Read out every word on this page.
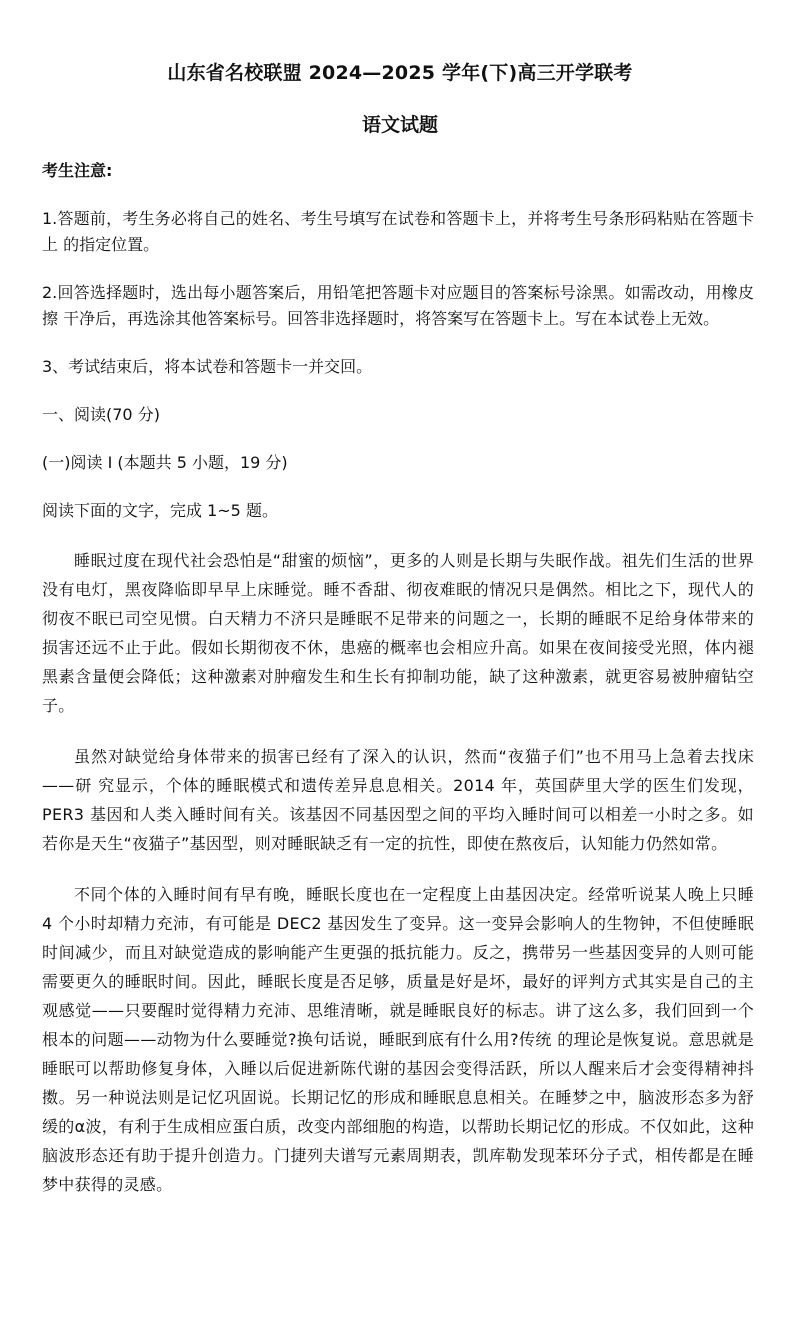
山东省名校联盟 2024—2025 学年(下)高三开学联考
语文试题

考生注意:

1.答题前，考生务必将自己的姓名、考生号填写在试卷和答题卡上，并将考生号条形码粘贴在答题卡上 的指定位置。

2.回答选择题时，选出每小题答案后，用铅笔把答题卡对应题目的答案标号涂黑。如需改动，用橡皮擦 干净后，再选涂其他答案标号。回答非选择题时，将答案写在答题卡上。写在本试卷上无效。

3、考试结束后，将本试卷和答题卡一并交回。

一、阅读(70 分)

(一)阅读 I (本题共 5 小题，19 分)

阅读下面的文字，完成 1~5 题。

睡眠过度在现代社会恐怕是“甜蜜的烦恼”，更多的人则是长期与失眠作战。祖先们生活的世界没有电灯，黑夜降临即早早上床睡觉。睡不香甜、彻夜难眠的情况只是偶然。相比之下，现代人的彻夜不眠已司空见惯。白天精力不济只是睡眠不足带来的问题之一，长期的睡眠不足给身体带来的损害还远不止于此。假如长期彻夜不休，患癌的概率也会相应升高。如果在夜间接受光照，体内褪黑素含量便会降低；这种激素对肿瘤发生和生长有抑制功能，缺了这种激素，就更容易被肿瘤钻空子。

虽然对缺觉给身体带来的损害已经有了深入的认识，然而“夜猫子们”也不用马上急着去找床——研 究显示，个体的睡眠模式和遗传差异息息相关。2014 年，英国萨里大学的医生们发现，PER3 基因和人类入睡时间有关。该基因不同基因型之间的平均入睡时间可以相差一小时之多。如若你是天生“夜猫子”基因型，则对睡眠缺乏有一定的抗性，即使在熬夜后，认知能力仍然如常。

不同个体的入睡时间有早有晚，睡眠长度也在一定程度上由基因决定。经常听说某人晚上只睡 4 个小时却精力充沛，有可能是 DEC2 基因发生了变异。这一变异会影响人的生物钟，不但使睡眠时间减少，而且对缺觉造成的影响能产生更强的抵抗能力。反之，携带另一些基因变异的人则可能需要更久的睡眠时间。因此，睡眠长度是否足够，质量是好是坏，最好的评判方式其实是自己的主观感觉——只要醒时觉得精力充沛、思维清晰，就是睡眠良好的标志。讲了这么多，我们回到一个根本的问题——动物为什么要睡觉?换句话说，睡眠到底有什么用?传统 的理论是恢复说。意思就是睡眠可以帮助修复身体，入睡以后促进新陈代谢的基因会变得活跃，所以人醒来后才会变得精神抖擞。另一种说法则是记忆巩固说。长期记忆的形成和睡眠息息相关。在睡梦之中，脑波形态多为舒缓的α波，有利于生成相应蛋白质，改变内部细胞的构造，以帮助长期记忆的形成。不仅如此，这种脑波形态还有助于提升创造力。门捷列夫谱写元素周期表，凯库勒发现苯环分子式，相传都是在睡 梦中获得的灵感。
